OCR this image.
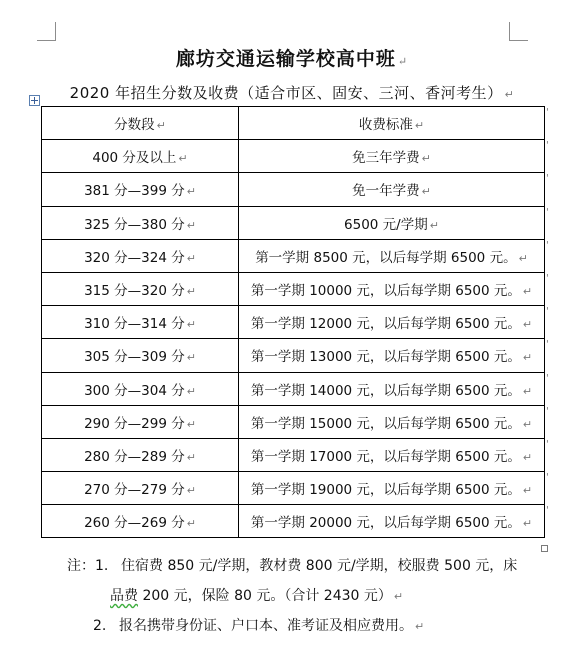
廊坊交通运输学校高中班 ↵
2020 年招生分数及收费（适合市区、固安、三河、香河考生） ↵
分数段 ↵	收费标准 ↵
400 分及以上 ↵	免三年学费 ↵
381 分—399 分 ↵	免一年学费 ↵
325 分—380 分 ↵	6500 元/学期 ↵
320 分—324 分 ↵	第一学期 8500 元，以后每学期 6500 元。 ↵
315 分—320 分 ↵	第一学期 10000 元，以后每学期 6500 元。 ↵
310 分—314 分 ↵	第一学期 12000 元，以后每学期 6500 元。 ↵
305 分—309 分 ↵	第一学期 13000 元，以后每学期 6500 元。 ↵
300 分—304 分 ↵	第一学期 14000 元，以后每学期 6500 元。 ↵
290 分—299 分 ↵	第一学期 15000 元，以后每学期 6500 元。 ↵
280 分—289 分 ↵	第一学期 17000 元，以后每学期 6500 元。 ↵
270 分—279 分 ↵	第一学期 19000 元，以后每学期 6500 元。 ↵
260 分—269 分 ↵	第一学期 20000 元，以后每学期 6500 元。 ↵
'
'
'
'
'
'
'
'
'
'
'
'
'
注：1. 住宿费 850 元/学期，教材费 800 元/学期，校服费 500 元，床
品费 200 元，保险 80 元。（合计 2430 元） ↵
2. 报名携带身份证、户口本、准考证及相应费用。 ↵
